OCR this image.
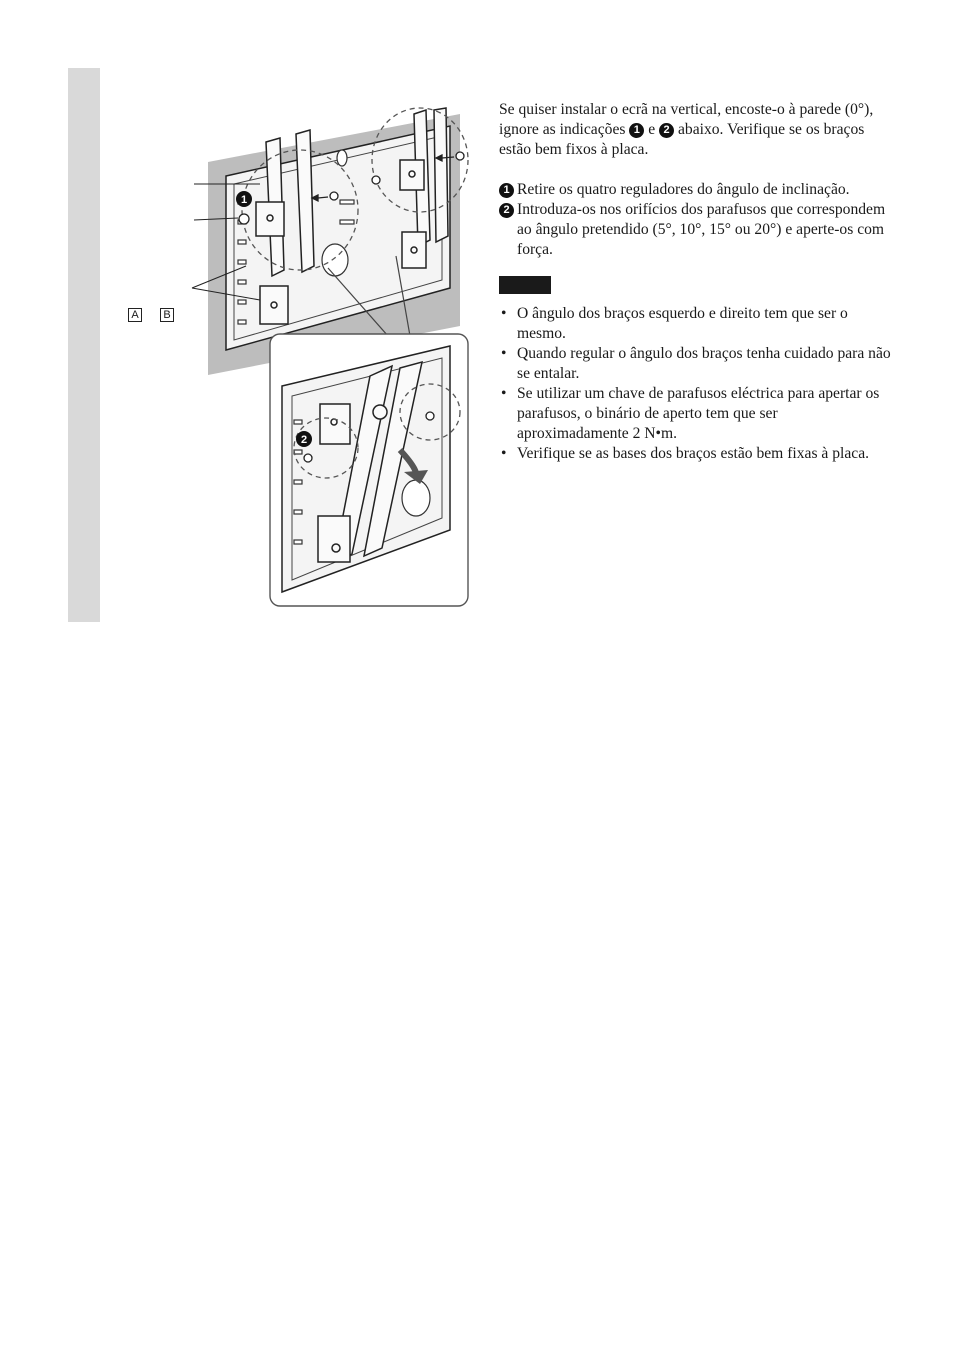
1
2
A	B

Se quiser instalar o ecrã na vertical, encoste-o à parede (0°), ignore as indicações 1 e 2 abaixo. Verifique se os braços estão bem fixos à placa.

1 Retire os quatro reguladores do ângulo de inclinação.
2 Introduza-os nos orifícios dos parafusos que correspondem ao ângulo pretendido (5°, 10°, 15° ou 20°) e aperte-os com força.
• O ângulo dos braços esquerdo e direito tem que ser o mesmo.
• Quando regular o ângulo dos braços tenha cuidado para não se entalar.
• Se utilizar um chave de parafusos eléctrica para apertar os parafusos, o binário de aperto tem que ser aproximadamente 2 N•m.
• Verifique se as bases dos braços estão bem fixas à placa.
